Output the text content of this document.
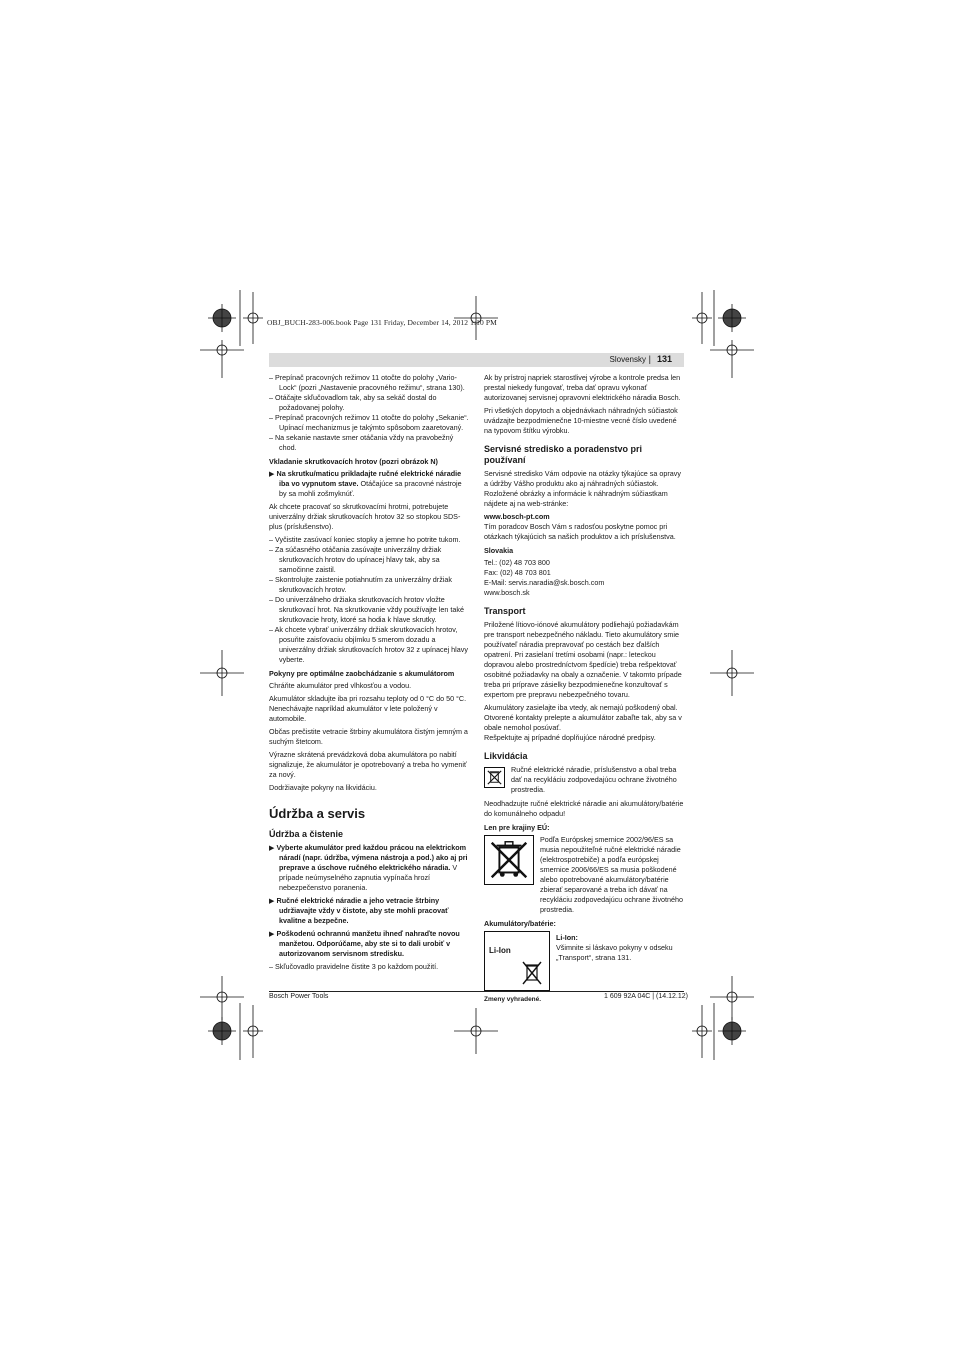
OBJ_BUCH-283-006.book Page 131 Friday, December 14, 2012 1:10 PM
Slovensky | 131

– Prepínač pracovných režimov 11 otočte do polohy „Vario-Lock“ (pozri „Nastavenie pracovného režimu“, strana 130).

– Otáčajte skľučovadlom tak, aby sa sekáč dostal do požadovanej polohy.

– Prepínač pracovných režimov 11 otočte do polohy „Sekanie“. Upínací mechanizmus je takýmto spôsobom zaaretovaný.

– Na sekanie nastavte smer otáčania vždy na pravobežný chod.

Vkladanie skrutkovacích hrotov (pozri obrázok N)

▶ Na skrutku/maticu prikladajte ručné elektrické náradie iba vo vypnutom stave. Otáčajúce sa pracovné nástroje by sa mohli zošmyknúť.

Ak chcete pracovať so skrutkovacími hrotmi, potrebujete univerzálny držiak skrutkovacích hrotov 32 so stopkou SDS-plus (príslušenstvo).

– Vyčistite zasúvací koniec stopky a jemne ho potrite tukom.

– Za súčasného otáčania zasúvajte univerzálny držiak skrutkovacích hrotov do upínacej hlavy tak, aby sa samočinne zaistil.

– Skontrolujte zaistenie potiahnutím za univerzálny držiak skrutkovacích hrotov.

– Do univerzálneho držiaka skrutkovacích hrotov vložte skrutkovací hrot. Na skrutkovanie vždy používajte len také skrutkovacie hroty, ktoré sa hodia k hlave skrutky.

– Ak chcete vybrať univerzálny držiak skrutkovacích hrotov, posuňte zaisťovaciu objímku 5 smerom dozadu a univerzálny držiak skrutkovacích hrotov 32 z upínacej hlavy vyberte.

Pokyny pre optimálne zaobchádzanie s akumulátorom

Chráňte akumulátor pred vlhkosťou a vodou.

Akumulátor skladujte iba pri rozsahu teploty od 0 °C do 50 °C. Nenechávajte napríklad akumulátor v lete položený v automobile.

Občas prečistite vetracie štrbiny akumulátora čistým jemným a suchým štetcom.

Výrazne skrátená prevádzková doba akumulátora po nabití signalizuje, že akumulátor je opotrebovaný a treba ho vymeniť za nový.

Dodržiavajte pokyny na likvidáciu.

Údržba a servis
Údržba a čistenie

▶ Vyberte akumulátor pred každou prácou na elektrickom náradí (napr. údržba, výmena nástroja a pod.) ako aj pri preprave a úschove ručného elektrického náradia. V prípade neúmyselného zapnutia vypínača hrozí nebezpečenstvo poranenia.

▶ Ručné elektrické náradie a jeho vetracie štrbiny udržiavajte vždy v čistote, aby ste mohli pracovať kvalitne a bezpečne.

▶ Poškodenú ochrannú manžetu ihneď nahraďte novou manžetou. Odporúčame, aby ste si to dali urobiť v autorizovanom servisnom stredisku.

– Skľučovadlo pravidelne čistite 3 po každom použití.

Ak by prístroj napriek starostlivej výrobe a kontrole predsa len prestal niekedy fungovať, treba dať opravu vykonať autorizovanej servisnej opravovni elektrického náradia Bosch.

Pri všetkých dopytoch a objednávkach náhradných súčiastok uvádzajte bezpodmienečne 10-miestne vecné číslo uvedené na typovom štítku výrobku.

Servisné stredisko a poradenstvo pri používaní

Servisné stredisko Vám odpovie na otázky týkajúce sa opravy a údržby Vášho produktu ako aj náhradných súčiastok. Rozložené obrázky a informácie k náhradným súčiastkam nájdete aj na web-stránke:

www.bosch-pt.com

Tím poradcov Bosch Vám s radosťou poskytne pomoc pri otázkach týkajúcich sa našich produktov a ich príslušenstva.

Slovakia

Tel.: (02) 48 703 800

Fax: (02) 48 703 801

E-Mail: servis.naradia@sk.bosch.com

www.bosch.sk

Transport

Priložené lítiovo-iónové akumulátory podliehajú požiadavkám pre transport nebezpečného nákladu. Tieto akumulátory smie používateľ náradia prepravovať po cestách bez ďalších opatrení. Pri zasielaní tretími osobami (napr.: leteckou dopravou alebo prostredníctvom špedície) treba rešpektovať osobitné požiadavky na obaly a označenie. V takomto prípade treba pri príprave zásielky bezpodmienečne konzultovať s expertom pre prepravu nebezpečného tovaru.

Akumulátory zasielajte iba vtedy, ak nemajú poškodený obal. Otvorené kontakty prelepte a akumulátor zabaľte tak, aby sa v obale nemohol posúvať.

Rešpektujte aj prípadné doplňujúce národné predpisy.

Likvidácia

Ručné elektrické náradie, príslušenstvo a obal treba dať na recykláciu zodpovedajúcu ochrane životného prostredia.

Neodhadzujte ručné elektrické náradie ani akumulátory/batérie do komunálneho odpadu!

Len pre krajiny EÚ:

Podľa Európskej smernice 2002/96/ES sa musia nepoužiteľné ručné elektrické náradie (elektrospotrebiče) a podľa európskej smernice 2006/66/ES sa musia poškodené alebo opotrebované akumulátory/batérie zbierať separované a treba ich dávať na recykláciu zodpovedajúcu ochrane životného prostredia.

Akumulátory/batérie:

Li-Ion

Li-Ion:

Všimnite si láskavo pokyny v odseku „Transport“, strana 131.

Zmeny vyhradené.

Bosch Power Tools	1 609 92A 04C | (14.12.12)
